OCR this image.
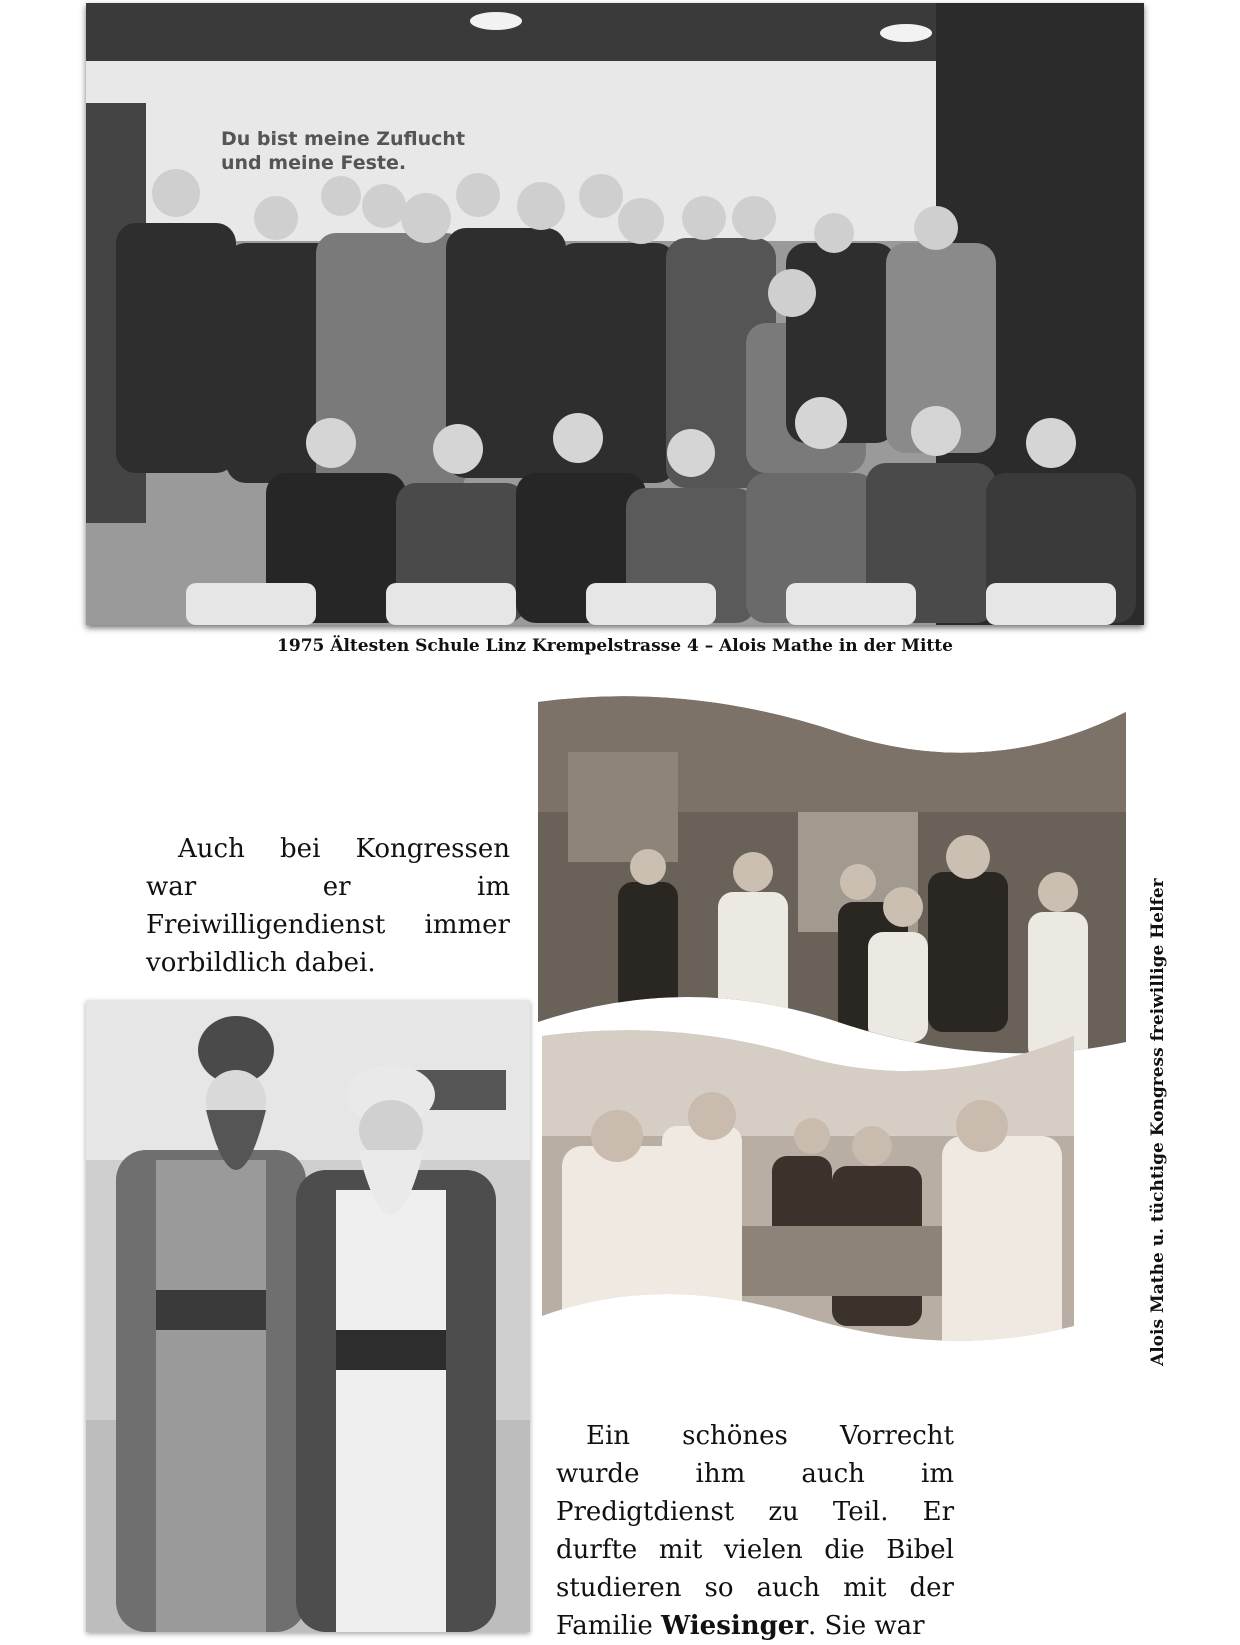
Du bist meine Zuflucht
und meine Feste.
1975 Ältesten Schule Linz Krempelstrasse 4 – Alois Mathe in der Mitte
Alois Mathe u. tüchtige Kongress freiwillige Helfer

Auch bei Kongressen war er im Freiwilligendienst immer vorbildlich dabei.

Ein schönes Vorrecht wurde ihm auch im Predigtdienst zu Teil. Er durfte mit vielen die Bibel studieren so auch mit der Familie Wiesinger. Sie war
